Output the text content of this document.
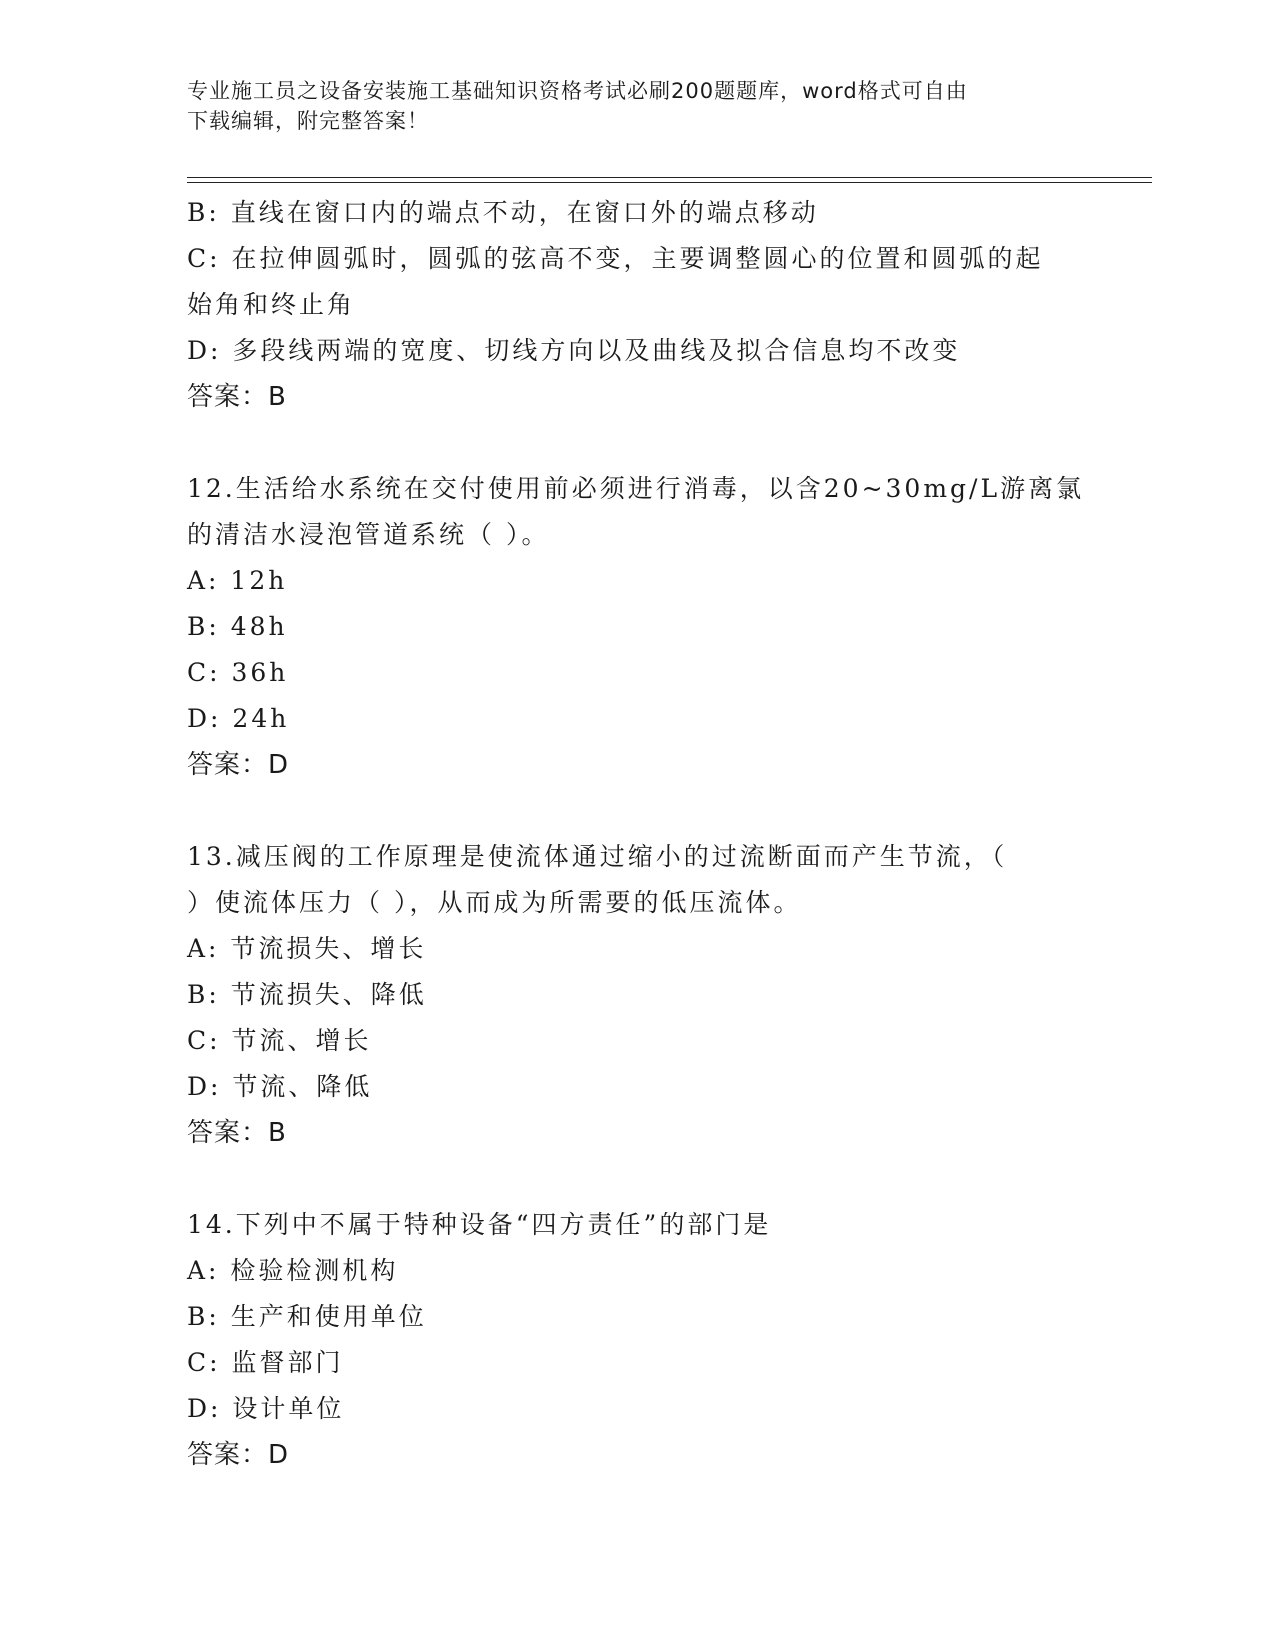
专业施工员之设备安装施工基础知识资格考试必刷200题题库，word格式可自由
下载编辑，附完整答案！
B: 直线在窗口内的端点不动，在窗口外的端点移动
C: 在拉伸圆弧时，圆弧的弦高不变，主要调整圆心的位置和圆弧的起
始角和终止角
D: 多段线两端的宽度、切线方向以及曲线及拟合信息均不改变
答案：B
12.生活给水系统在交付使用前必须进行消毒，以含20~30mg/L游离氯
的清洁水浸泡管道系统（ ）。
A: 12h
B: 48h
C: 36h
D: 24h
答案：D
13.减压阀的工作原理是使流体通过缩小的过流断面而产生节流，（
）使流体压力（ ），从而成为所需要的低压流体。
A: 节流损失、增长
B: 节流损失、降低
C: 节流、增长
D: 节流、降低
答案：B
14.下列中不属于特种设备“四方责任”的部门是
A: 检验检测机构
B: 生产和使用单位
C: 监督部门
D: 设计单位
答案：D
